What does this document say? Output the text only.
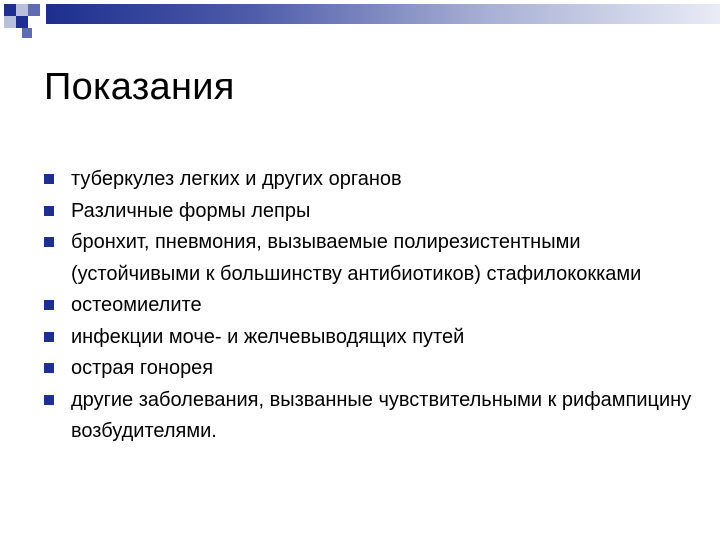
Показания
туберкулез легких и других органов
Различные формы лепры
бронхит, пневмония, вызываемые полирезистентными (устойчивыми к большинству антибиотиков) стафилококками
остеомиелите
инфекции моче- и желчевыводящих путей
острая гонорея
другие заболевания, вызванные чувствительными к рифампицину возбудителями.
